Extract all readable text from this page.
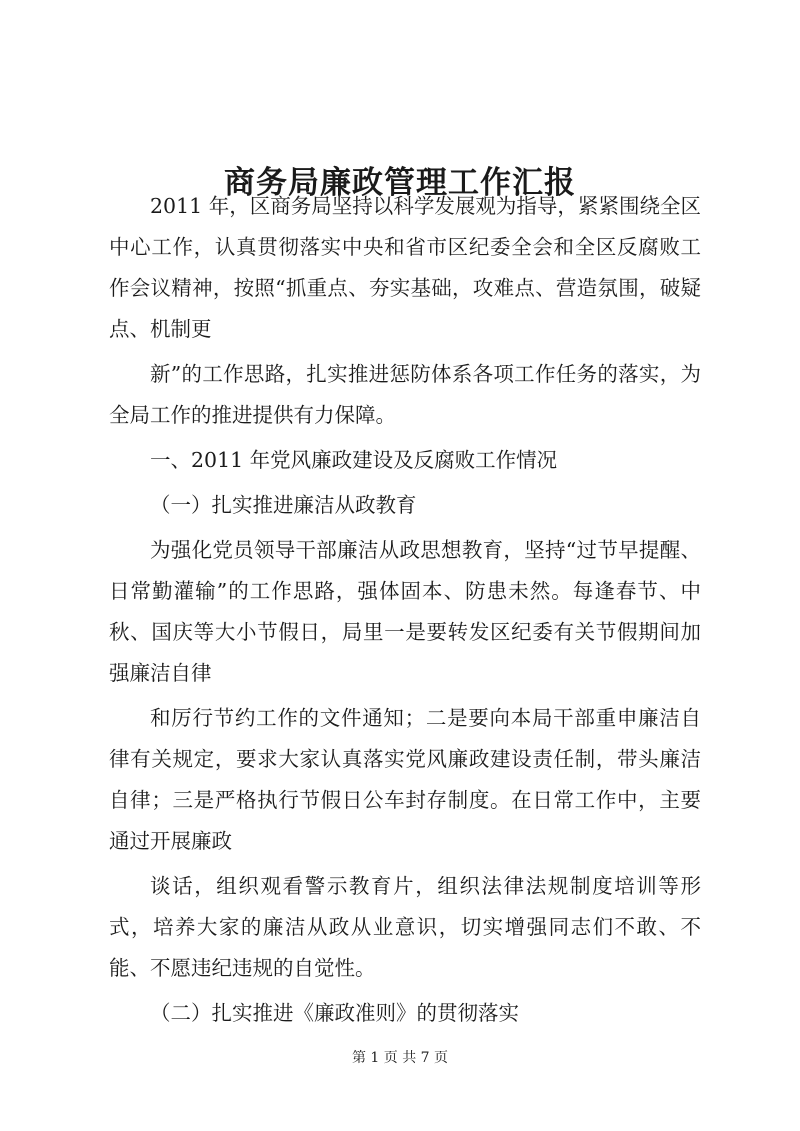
商务局廉政管理工作汇报

2011 年，区商务局坚持以科学发展观为指导，紧紧围绕全区中心工作，认真贯彻落实中央和省市区纪委全会和全区反腐败工作会议精神，按照“抓重点、夯实基础，攻难点、营造氛围，破疑点、机制更

新”的工作思路，扎实推进惩防体系各项工作任务的落实，为全局工作的推进提供有力保障。

一、2011 年党风廉政建设及反腐败工作情况

（一）扎实推进廉洁从政教育

为强化党员领导干部廉洁从政思想教育，坚持“过节早提醒、日常勤灌输”的工作思路，强体固本、防患未然。每逢春节、中秋、国庆等大小节假日，局里一是要转发区纪委有关节假期间加强廉洁自律

和厉行节约工作的文件通知；二是要向本局干部重申廉洁自律有关规定，要求大家认真落实党风廉政建设责任制，带头廉洁自律；三是严格执行节假日公车封存制度。在日常工作中，主要通过开展廉政

谈话，组织观看警示教育片，组织法律法规制度培训等形式，培养大家的廉洁从政从业意识，切实增强同志们不敢、不能、不愿违纪违规的自觉性。

（二）扎实推进《廉政准则》的贯彻落实

第 1 页 共 7 页
